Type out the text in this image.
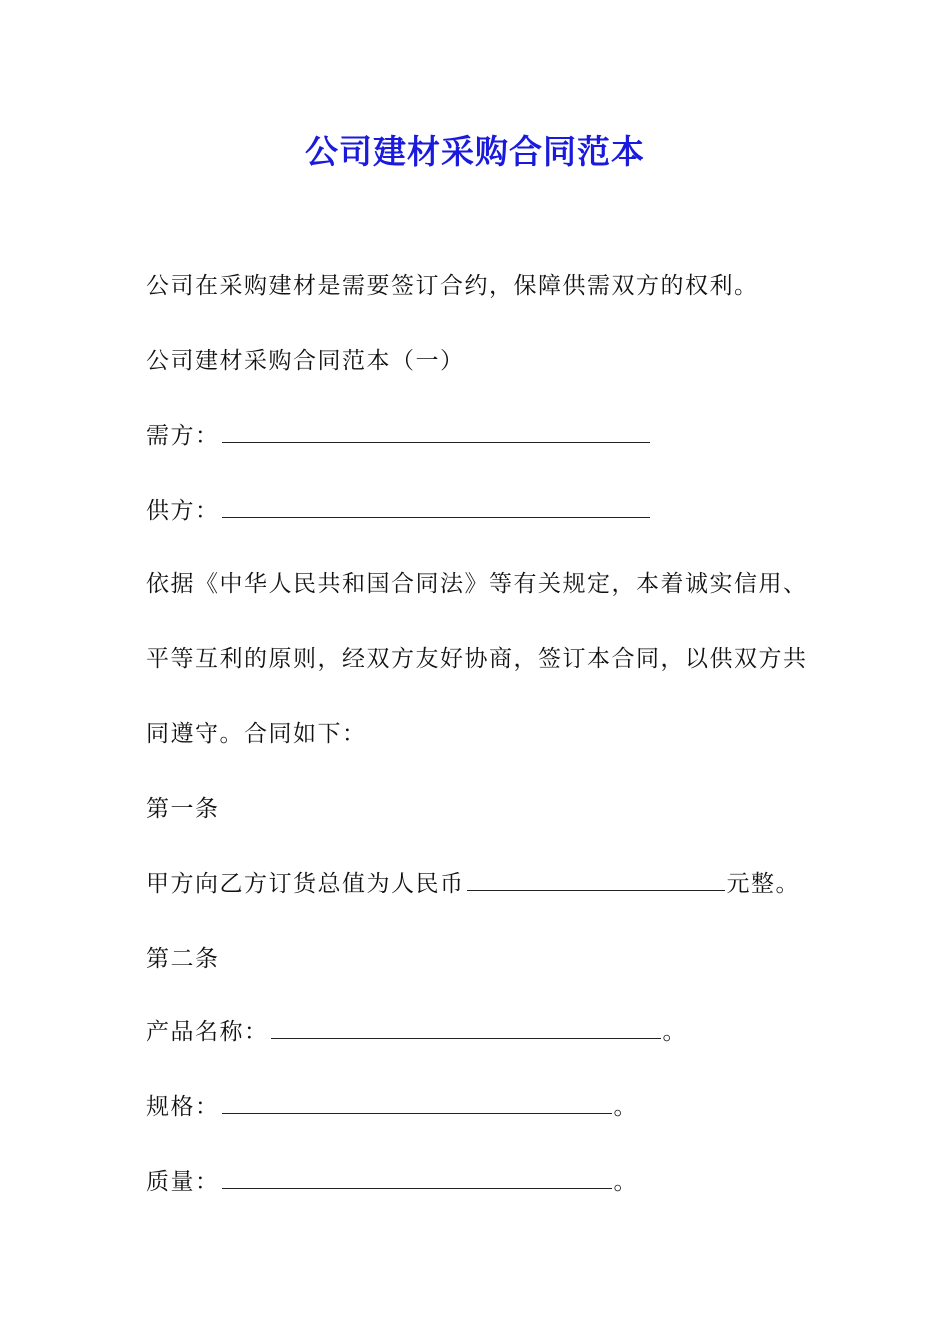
公司建材采购合同范本
公司在采购建材是需要签订合约，保障供需双方的权利。
公司建材采购合同范本（一）
需方：
供方：
依据《中华人民共和国合同法》等有关规定，本着诚实信用、
平等互利的原则，经双方友好协商，签订本合同，以供双方共
同遵守。合同如下：
第一条
甲方向乙方订货总值为人民币	元整。
第二条
产品名称：	。
规格：	。
质量：	。
